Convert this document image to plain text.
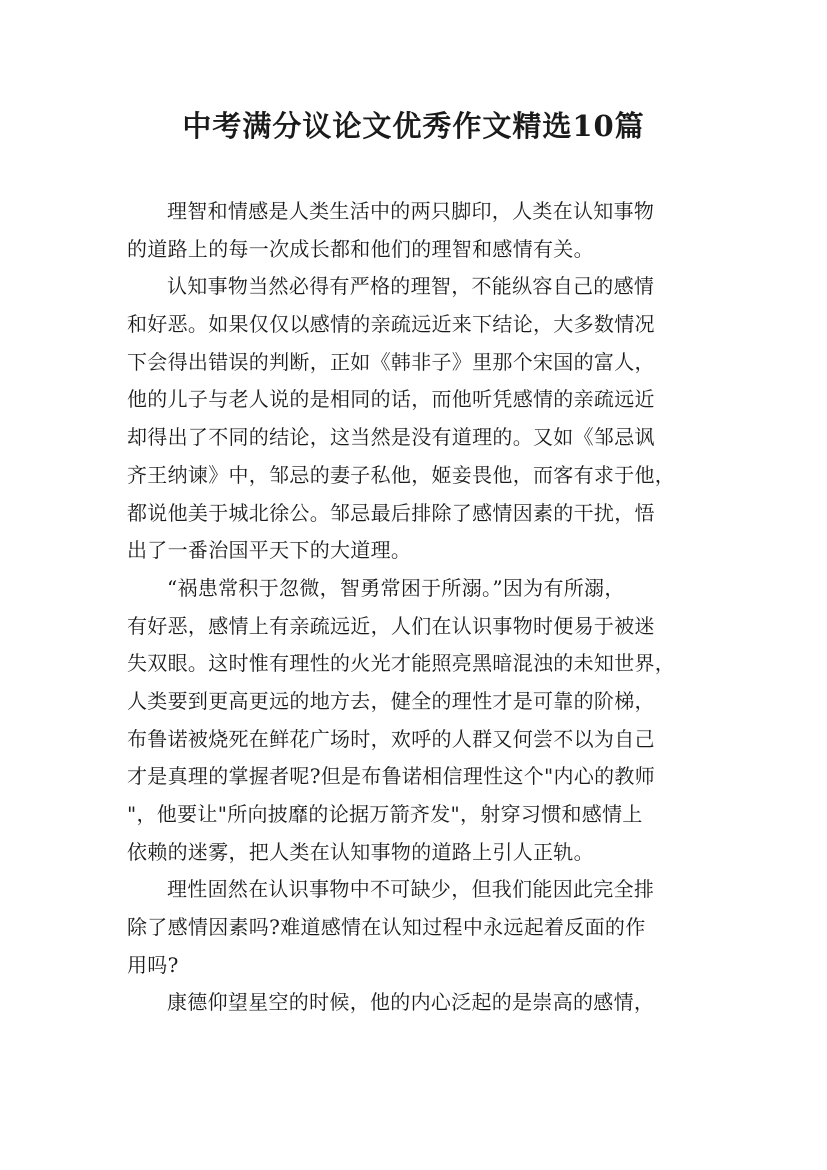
中考满分议论文优秀作文精选10篇

理智和情感是人类生活中的两只脚印，人类在认知事物
的道路上的每一次成长都和他们的理智和感情有关。

认知事物当然必得有严格的理智，不能纵容自己的感情
和好恶。如果仅仅以感情的亲疏远近来下结论，大多数情况
下会得出错误的判断，正如《韩非子》里那个宋国的富人，
他的儿子与老人说的是相同的话，而他听凭感情的亲疏远近
却得出了不同的结论，这当然是没有道理的。又如《邹忌讽
齐王纳谏》中，邹忌的妻子私他，姬妾畏他，而客有求于他，
都说他美于城北徐公。邹忌最后排除了感情因素的干扰，悟
出了一番治国平天下的大道理。

“祸患常积于忽微，智勇常困于所溺。”因为有所溺，
有好恶，感情上有亲疏远近，人们在认识事物时便易于被迷
失双眼。这时惟有理性的火光才能照亮黑暗混浊的未知世界，
人类要到更高更远的地方去，健全的理性才是可靠的阶梯，
布鲁诺被烧死在鲜花广场时，欢呼的人群又何尝不以为自己
才是真理的掌握者呢?但是布鲁诺相信理性这个"内心的教师
"，他要让"所向披靡的论据万箭齐发"，射穿习惯和感情上
依赖的迷雾，把人类在认知事物的道路上引人正轨。

理性固然在认识事物中不可缺少，但我们能因此完全排
除了感情因素吗?难道感情在认知过程中永远起着反面的作
用吗?

康德仰望星空的时候，他的内心泛起的是崇高的感情，
